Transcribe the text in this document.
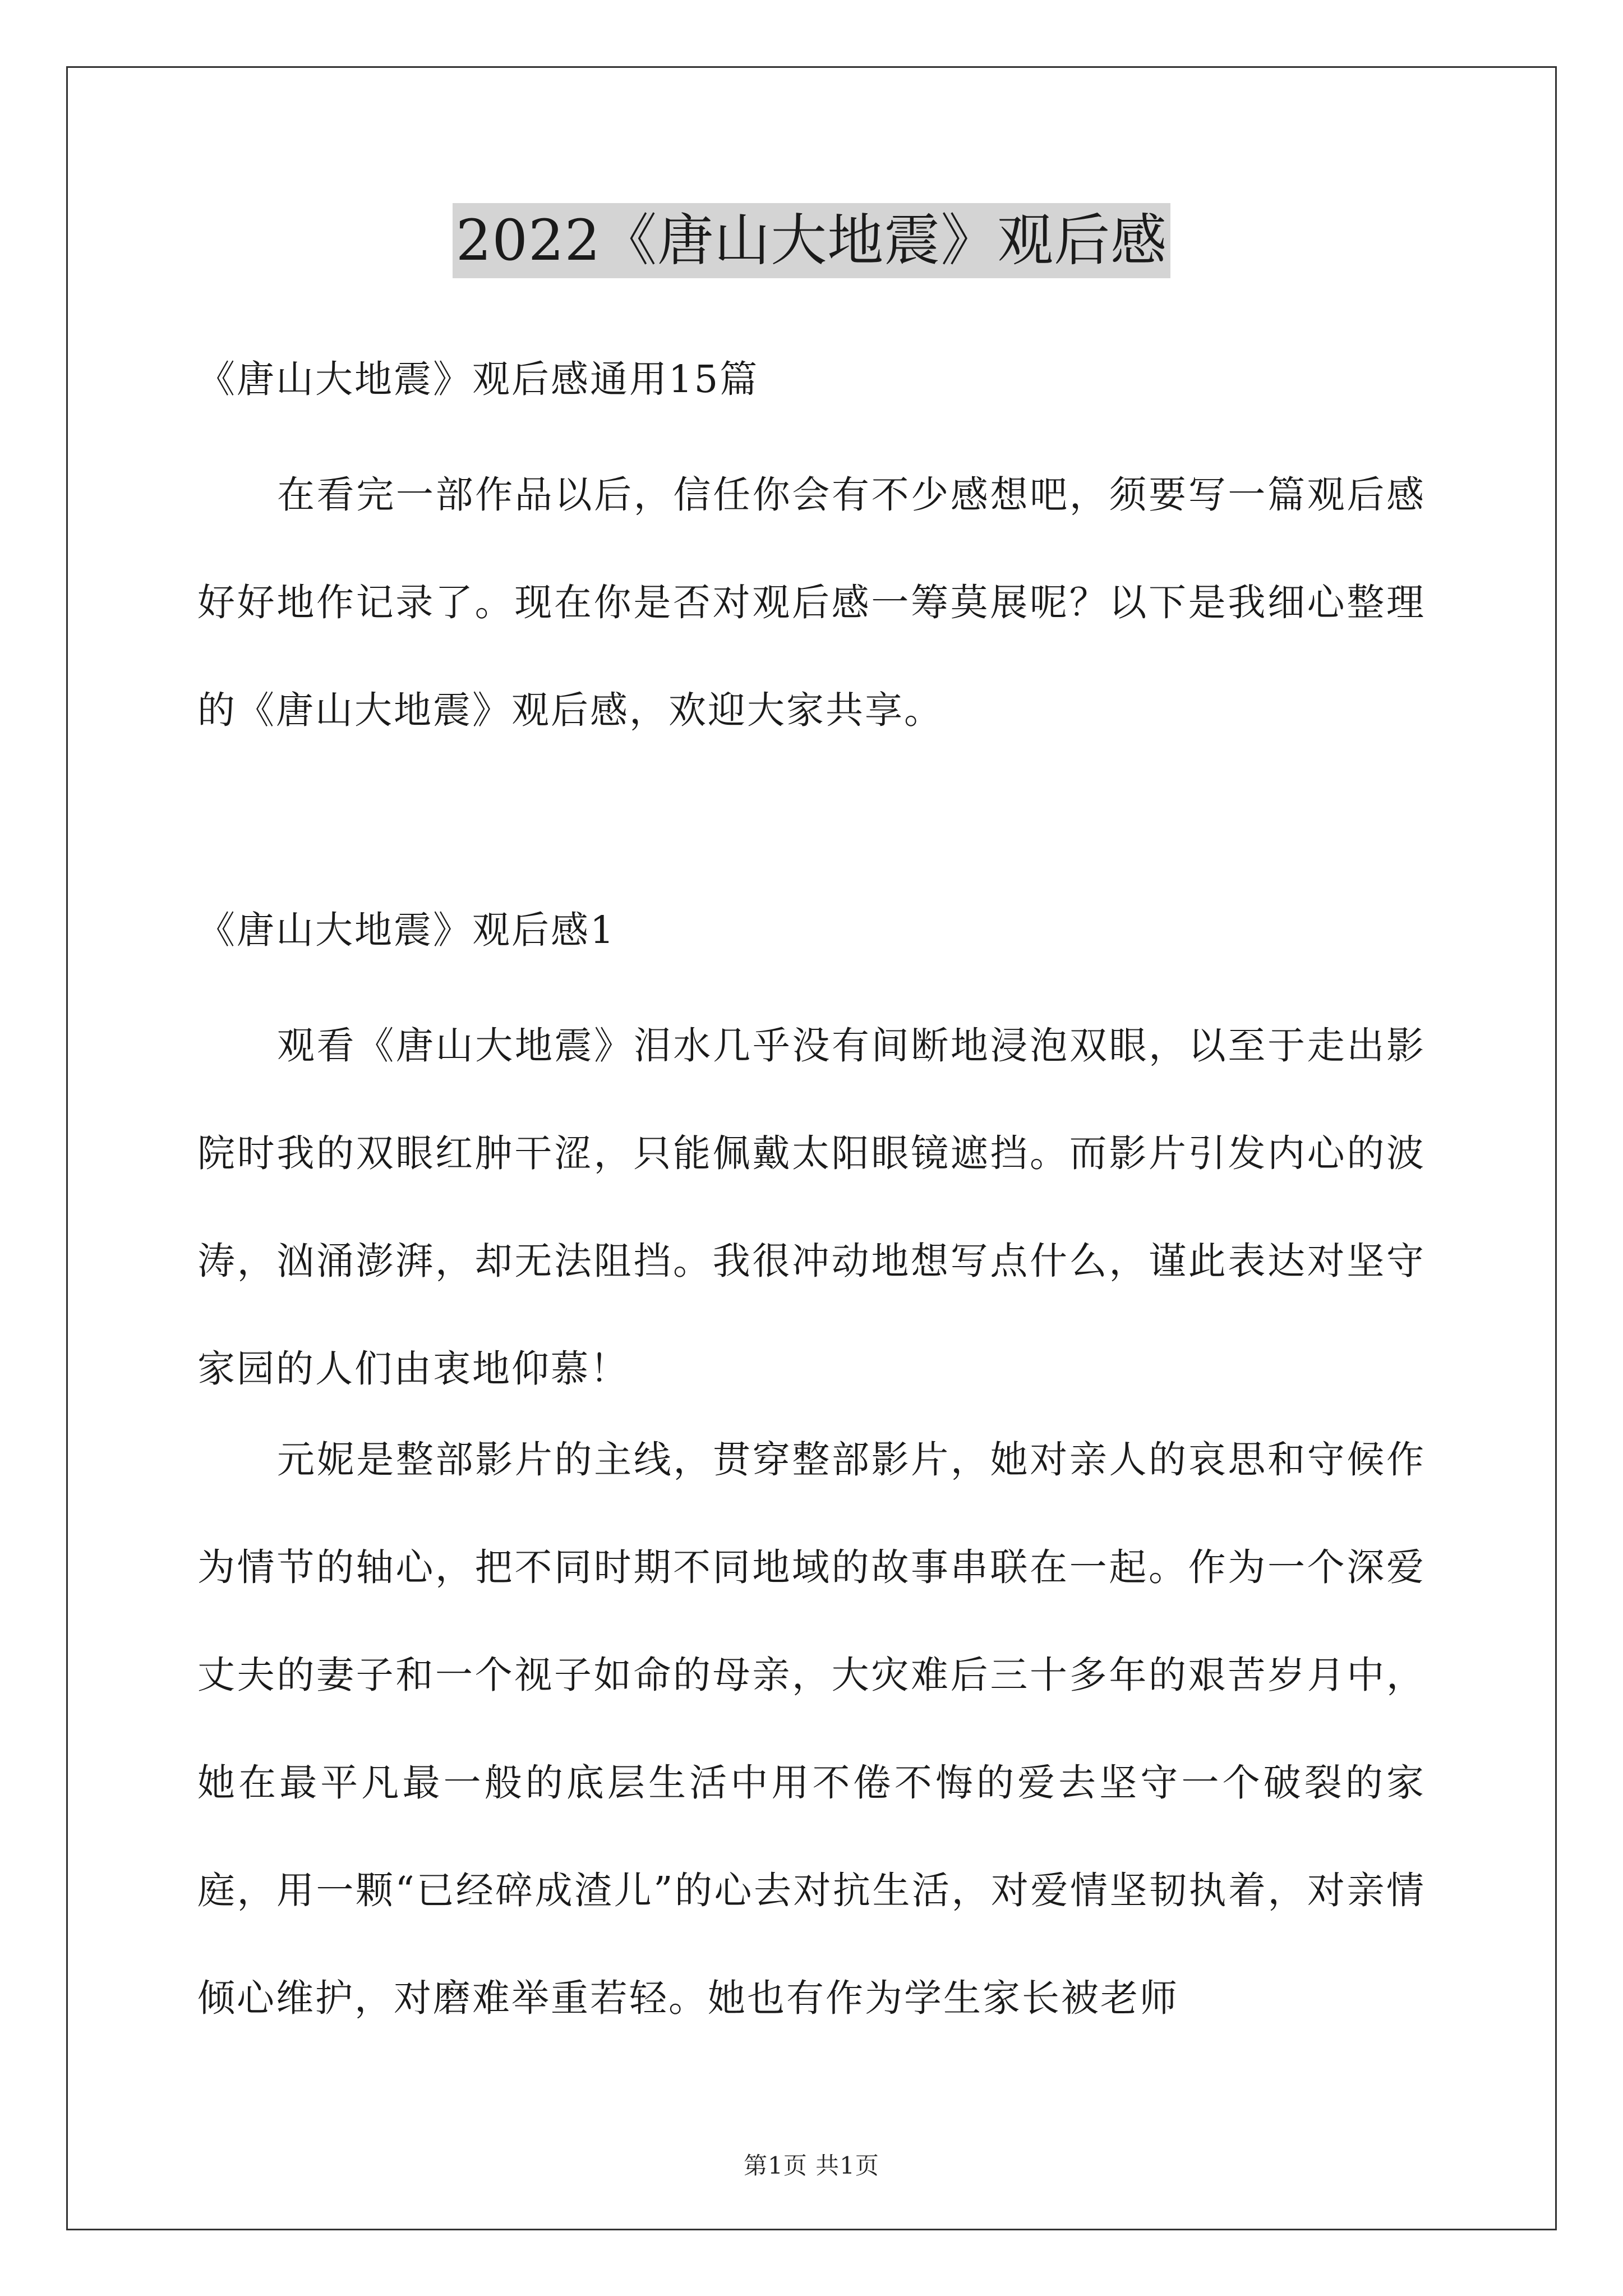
2022《唐山大地震》观后感

《唐山大地震》观后感通用15篇

在看完一部作品以后，信任你会有不少感想吧，须要写一篇观后感好好地作记录了。现在你是否对观后感一筹莫展呢？以下是我细心整理的《唐山大地震》观后感，欢迎大家共享。

《唐山大地震》观后感1

观看《唐山大地震》泪水几乎没有间断地浸泡双眼，以至于走出影院时我的双眼红肿干涩，只能佩戴太阳眼镜遮挡。而影片引发内心的波涛，汹涌澎湃，却无法阻挡。我很冲动地想写点什么，谨此表达对坚守家园的人们由衷地仰慕！

元妮是整部影片的主线，贯穿整部影片，她对亲人的哀思和守候作为情节的轴心，把不同时期不同地域的故事串联在一起。作为一个深爱丈夫的妻子和一个视子如命的母亲，大灾难后三十多年的艰苦岁月中，她在最平凡最一般的底层生活中用不倦不悔的爱去坚守一个破裂的家庭，用一颗“已经碎成渣儿”的心去对抗生活，对爱情坚韧执着，对亲情倾心维护，对磨难举重若轻。她也有作为学生家长被老师

第1页 共1页
